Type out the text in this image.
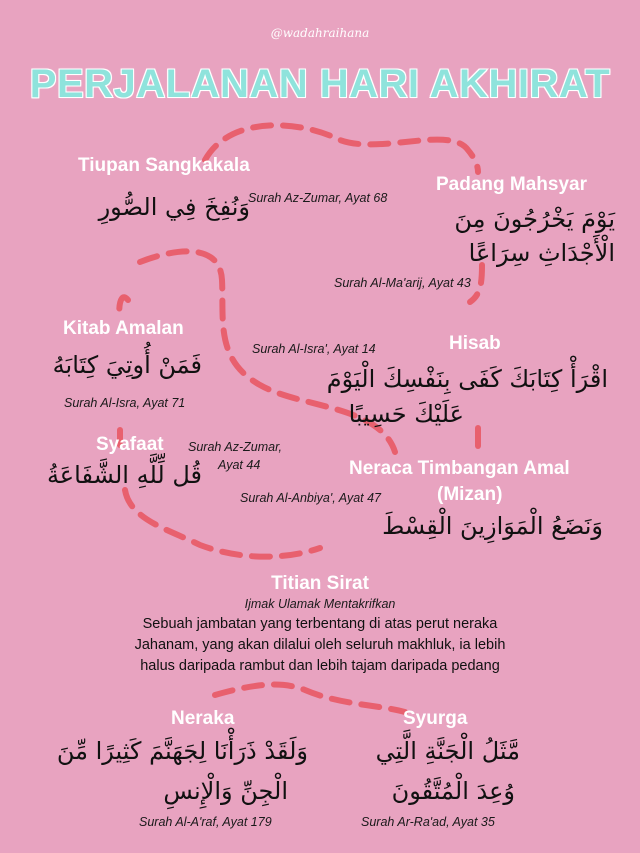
@wadahraihana
PERJALANAN HARI AKHIRAT
Tiupan Sangkakala
وَنُفِخَ فِي الصُّورِ
Surah Az-Zumar, Ayat 68
Padang Mahsyar
يَوْمَ يَخْرُجُونَ مِنَ
الْأَجْدَاثِ سِرَاعًا
Surah Al-Ma'arij, Ayat 43
Kitab Amalan
فَمَنْ أُوتِيَ كِتَابَهُ
Surah Al-Isra, Ayat 71
Hisab
Surah Al-Isra', Ayat 14
اقْرَأْ كِتَابَكَ كَفَى بِنَفْسِكَ الْيَوْمَ
عَلَيْكَ حَسِيبًا
Syafaat Surah Az-Zumar,
Ayat 44
قُل لِّلَّهِ الشَّفَاعَةُ	Neraca Timbangan Amal
(Mizan)
Surah Al-Anbiya', Ayat 47
وَنَضَعُ الْمَوَازِينَ الْقِسْطَ
Titian Sirat
Ijmak Ulamak Mentakrifkan
Sebuah jambatan yang terbentang di atas perut neraka
Jahanam, yang akan dilalui oleh seluruh makhluk, ia lebih
halus daripada rambut dan lebih tajam daripada pedang
Neraka
وَلَقَدْ ذَرَأْنَا لِجَهَنَّمَ كَثِيرًا مِّنَ
الْجِنِّ وَالْإِنسِ
Surah Al-A'raf, Ayat 179
Syurga
مَّثَلُ الْجَنَّةِ الَّتِي
وُعِدَ الْمُتَّقُونَ
Surah Ar-Ra'ad, Ayat 35
